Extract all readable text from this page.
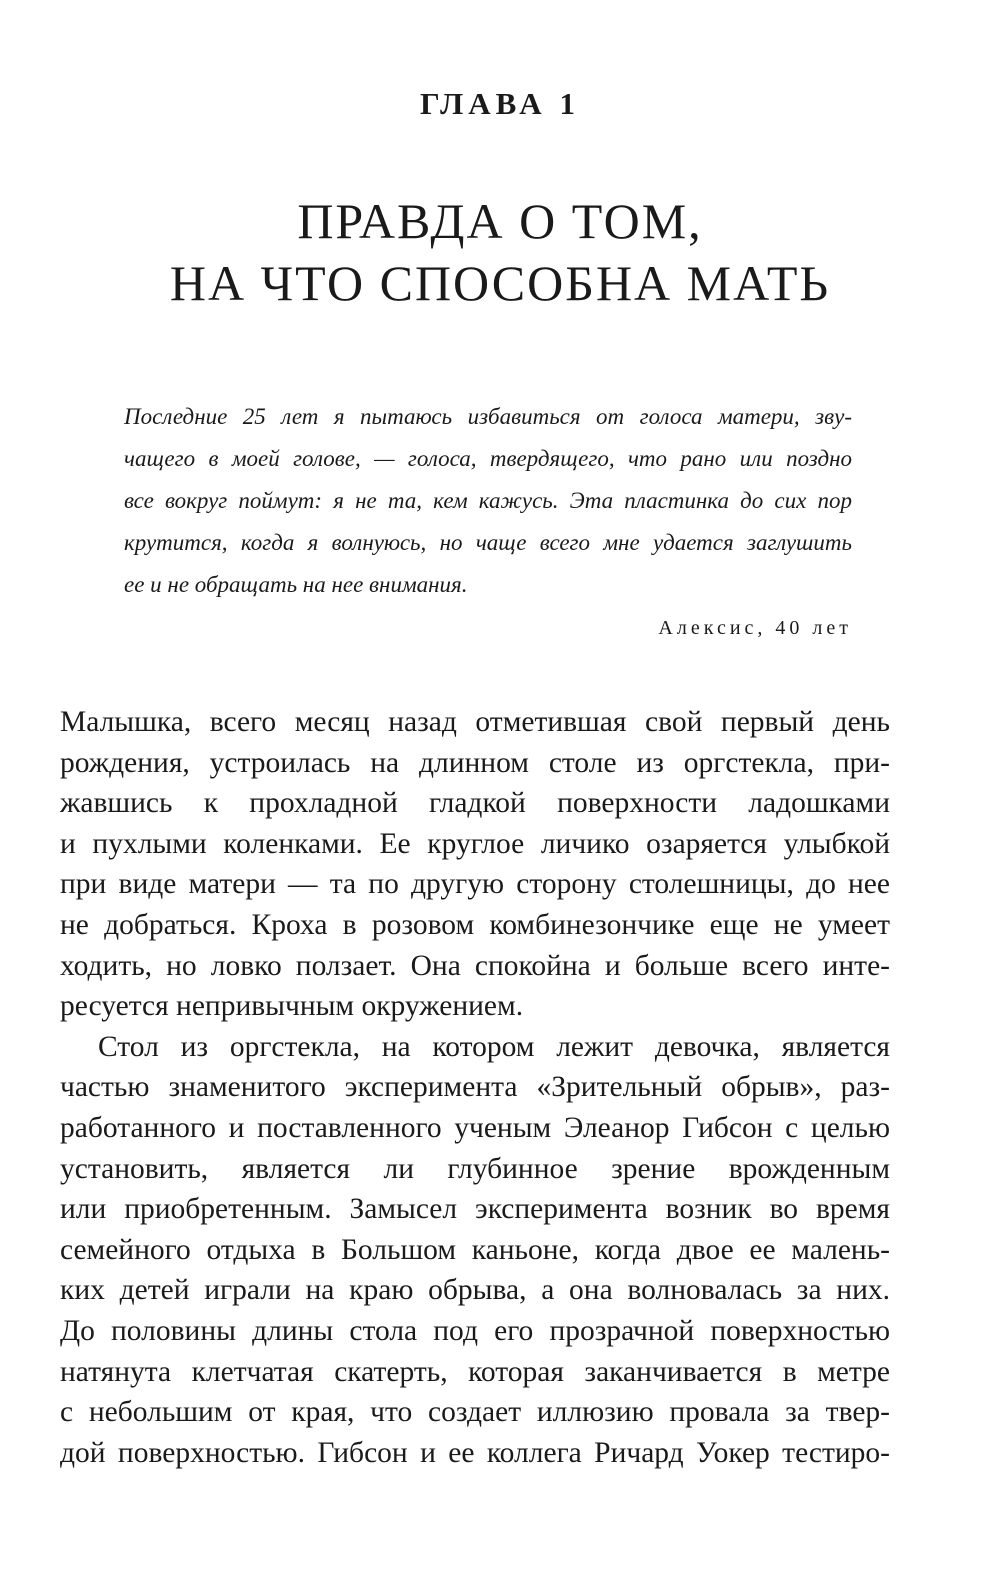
ГЛАВА 1
ПРАВДА О ТОМ,
НА ЧТО СПОСОБНА МАТЬ

Последние 25 лет я пытаюсь избавиться от голоса матери, зву-
чащего в моей голове, — голоса, твердящего, что рано или поздно
все вокруг поймут: я не та, кем кажусь. Эта пластинка до сих пор
крутится, когда я волнуюсь, но чаще всего мне удается заглушить
ее и не обращать на нее внимания.

Алексис, 40 лет

Малышка, всего месяц назад отметившая свой первый день
рождения, устроилась на длинном столе из оргстекла, при-
жавшись к прохладной гладкой поверхности ладошками
и пухлыми коленками. Ее круглое личико озаряется улыбкой
при виде матери — та по другую сторону столешницы, до нее
не добраться. Кроха в розовом комбинезончике еще не умеет
ходить, но ловко ползает. Она спокойна и больше всего инте-
ресуется непривычным окружением.

Стол из оргстекла, на котором лежит девочка, является
частью знаменитого эксперимента «Зрительный обрыв», раз-
работанного и поставленного ученым Элеанор Гибсон с целью
установить, является ли глубинное зрение врожденным
или приобретенным. Замысел эксперимента возник во время
семейного отдыха в Большом каньоне, когда двое ее малень-
ких детей играли на краю обрыва, а она волновалась за них.
До половины длины стола под его прозрачной поверхностью
натянута клетчатая скатерть, которая заканчивается в метре
с небольшим от края, что создает иллюзию провала за твер-
дой поверхностью. Гибсон и ее коллега Ричард Уокер тестиро-
